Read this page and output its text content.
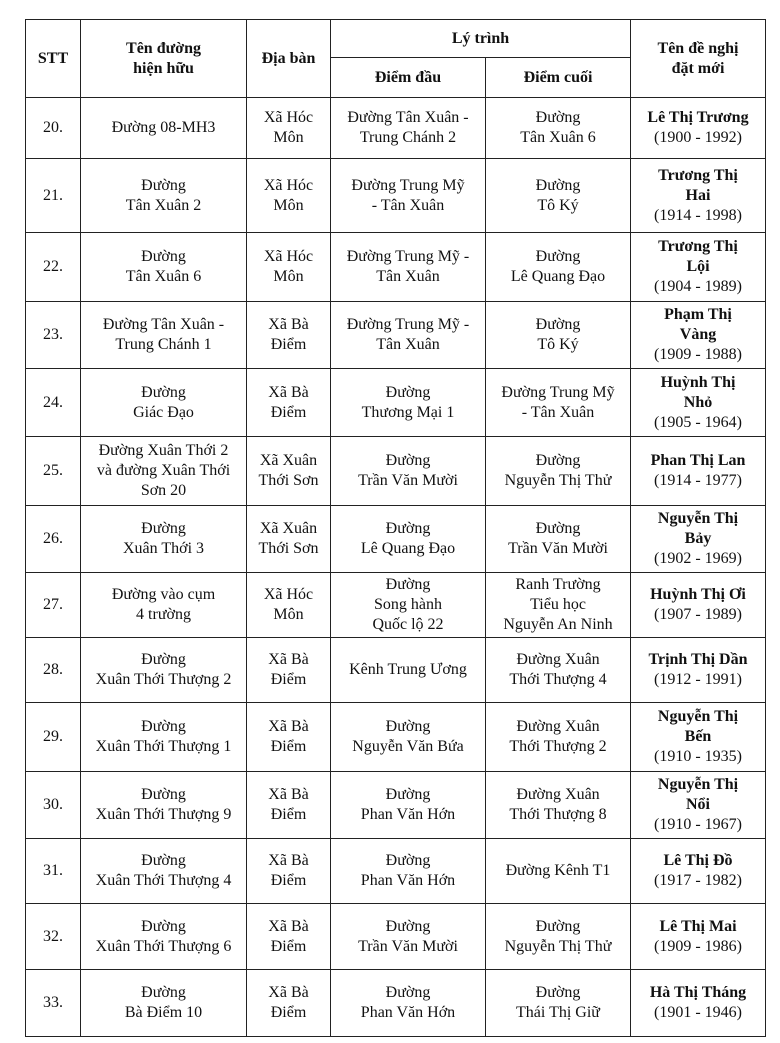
STT	Tên đường
hiện hữu	Địa bàn	Lý trình		Tên đề nghị
đặt mới
			Điểm đầu	Điểm cuối	
20.	Đường 08-MH3	Xã Hóc
Môn	Đường Tân Xuân -
Trung Chánh 2	Đường
Tân Xuân 6	Lê Thị Trương
(1900 - 1992)

21.	Đường
Tân Xuân 2	Xã Hóc
Môn	Đường Trung Mỹ
- Tân Xuân	Đường
Tô Ký	Trương Thị
Hai
(1914 - 1998)

22.	Đường
Tân Xuân 6	Xã Hóc
Môn	Đường Trung Mỹ -
Tân Xuân	Đường
Lê Quang Đạo	Trương Thị
Lội
(1904 - 1989)

23.	Đường Tân Xuân -
Trung Chánh 1	Xã Bà
Điểm	Đường Trung Mỹ -
Tân Xuân	Đường
Tô Ký	Phạm Thị
Vàng
(1909 - 1988)

24.	Đường
Giác Đạo	Xã Bà
Điểm	Đường
Thương Mại 1	Đường Trung Mỹ
- Tân Xuân	Huỳnh Thị
Nhỏ
(1905 - 1964)

25.	Đường Xuân Thới 2
và đường Xuân Thới
Sơn 20	Xã Xuân
Thới Sơn	Đường
Trần Văn Mười	Đường
Nguyễn Thị Thử	Phan Thị Lan
(1914 - 1977)

26.	Đường
Xuân Thới 3	Xã Xuân
Thới Sơn	Đường
Lê Quang Đạo	Đường
Trần Văn Mười	Nguyễn Thị
Bảy
(1902 - 1969)

27.	Đường vào cụm
4 trường	Xã Hóc
Môn	Đường
Song hành
Quốc lộ 22	Ranh Trường
Tiểu học
Nguyễn An Ninh	Huỳnh Thị Ơi
(1907 - 1989)

28.	Đường
Xuân Thới Thượng 2	Xã Bà
Điểm	Kênh Trung Ương	Đường Xuân
Thới Thượng 4	Trịnh Thị Dần
(1912 - 1991)

29.	Đường
Xuân Thới Thượng 1	Xã Bà
Điểm	Đường
Nguyễn Văn Bứa	Đường Xuân
Thới Thượng 2	Nguyễn Thị
Bến
(1910 - 1935)

30.	Đường
Xuân Thới Thượng 9	Xã Bà
Điểm	Đường
Phan Văn Hớn	Đường Xuân
Thới Thượng 8	Nguyễn Thị
Nổi
(1910 - 1967)

31.	Đường
Xuân Thới Thượng 4	Xã Bà
Điểm	Đường
Phan Văn Hớn	Đường Kênh T1	Lê Thị Đồ
(1917 - 1982)

32.	Đường
Xuân Thới Thượng 6	Xã Bà
Điểm	Đường
Trần Văn Mười	Đường
Nguyễn Thị Thử	Lê Thị Mai
(1909 - 1986)

33.	Đường
Bà Điểm 10	Xã Bà
Điểm	Đường
Phan Văn Hớn	Đường
Thái Thị Giữ	Hà Thị Tháng
(1901 - 1946)
